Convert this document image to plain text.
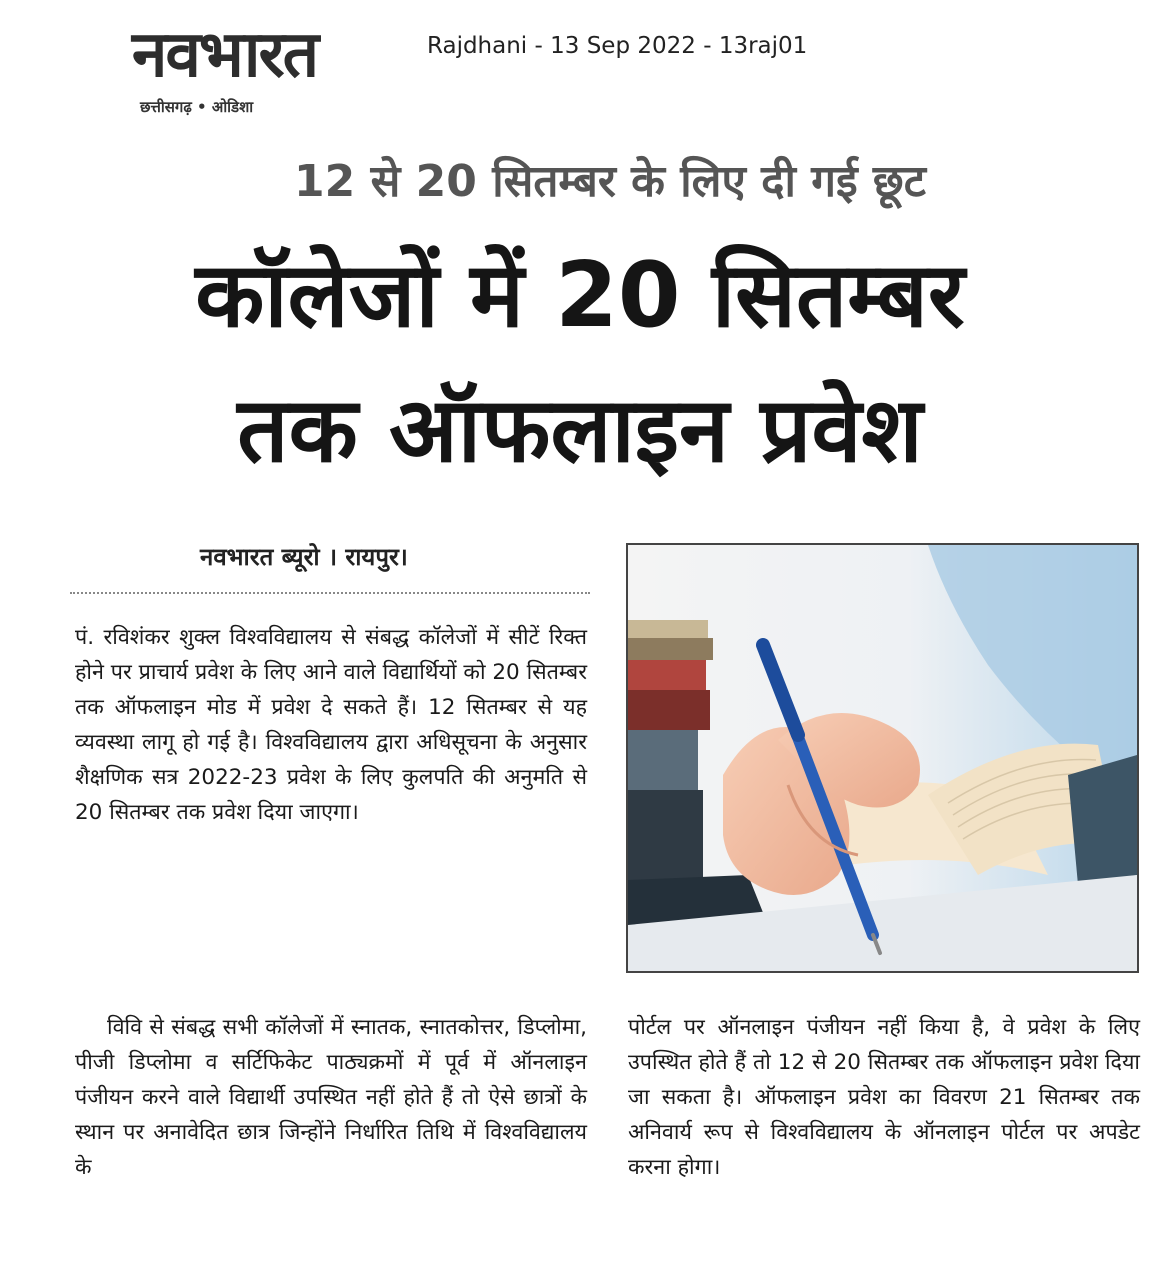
नवभारत
छत्तीसगढ़ • ओडिशा
Rajdhani - 13 Sep 2022 - 13raj01
12 से 20 सितम्बर के लिए दी गई छूट
कॉलेजों में 20 सितम्बर
तक ऑफलाइन प्रवेश
नवभारत ब्यूरो । रायपुर।

पं. रविशंकर शुक्ल विश्वविद्यालय से संबद्ध कॉलेजों में सीटें रिक्त होने पर प्राचार्य प्रवेश के लिए आने वाले विद्यार्थियों को 20 सितम्बर तक ऑफलाइन मोड में प्रवेश दे सकते हैं। 12 सितम्बर से यह व्यवस्था लागू हो गई है। विश्वविद्यालय द्वारा अधिसूचना के अनुसार शैक्षणिक सत्र 2022-23 प्रवेश के लिए कुलपति की अनुमति से 20 सितम्बर तक प्रवेश दिया जाएगा।

विवि से संबद्ध सभी कॉलेजों में स्नातक, स्नातकोत्तर, डिप्लोमा, पीजी डिप्लोमा व सर्टिफिकेट पाठ्यक्रमों में पूर्व में ऑनलाइन पंजीयन करने वाले विद्यार्थी उपस्थित नहीं होते हैं तो ऐसे छात्रों के स्थान पर अनावेदित छात्र जिन्होंने निर्धारित तिथि में विश्वविद्यालय के

पोर्टल पर ऑनलाइन पंजीयन नहीं किया है, वे प्रवेश के लिए उपस्थित होते हैं तो 12 से 20 सितम्बर तक ऑफलाइन प्रवेश दिया जा सकता है। ऑफलाइन प्रवेश का विवरण 21 सितम्बर तक अनिवार्य रूप से विश्वविद्यालय के ऑनलाइन पोर्टल पर अपडेट करना होगा।
